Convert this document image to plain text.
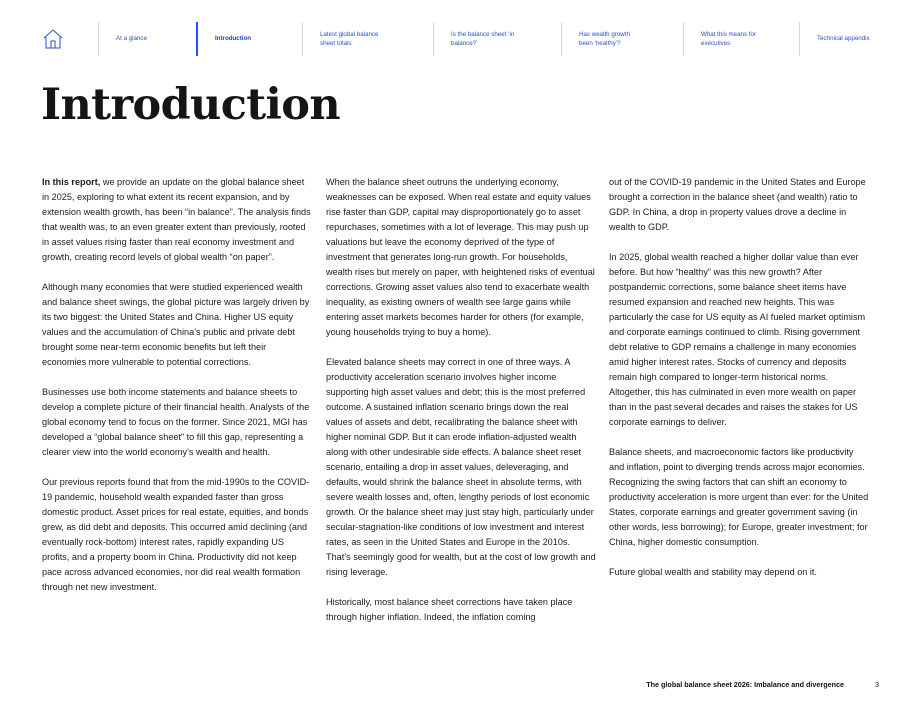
At a glance	Introduction
Latest global balance sheet totals
Is the balance sheet ‘in balance?’
Has wealth growth been ‘healthy’?
What this means for executives
Technical appendix
Introduction

In this report, we provide an update on the global balance sheet in 2025, exploring to what extent its recent expansion, and by extension wealth growth, has been “in balance”. The analysis finds that wealth was, to an even greater extent than previously, rooted in asset values rising faster than real economy investment and growth, creating record levels of global wealth “on paper”.

Although many economies that were studied experienced wealth and balance sheet swings, the global picture was largely driven by its two biggest: the United States and China. Higher US equity values and the accumulation of China’s public and private debt brought some near-term economic benefits but left their economies more vulnerable to potential corrections.

Businesses use both income statements and balance sheets to develop a complete picture of their financial health. Analysts of the global economy tend to focus on the former. Since 2021, MGI has developed a “global balance sheet” to fill this gap, representing a clearer view into the world economy’s wealth and health.

Our previous reports found that from the mid-1990s to the COVID-19 pandemic, household wealth expanded faster than gross domestic product. Asset prices for real estate, equities, and bonds grew, as did debt and deposits. This occurred amid declining (and eventually rock-bottom) interest rates, rapidly expanding US profits, and a property boom in China. Productivity did not keep pace across advanced economies, nor did real wealth formation through net new investment.

When the balance sheet outruns the underlying economy, weaknesses can be exposed. When real estate and equity values rise faster than GDP, capital may disproportionately go to asset repurchases, sometimes with a lot of leverage. This may push up valuations but leave the economy deprived of the type of investment that generates long-run growth. For households, wealth rises but merely on paper, with heightened risks of eventual corrections. Growing asset values also tend to exacerbate wealth inequality, as existing owners of wealth see large gains while entering asset markets becomes harder for others (for example, young households trying to buy a home).

Elevated balance sheets may correct in one of three ways. A productivity acceleration scenario involves higher income supporting high asset values and debt; this is the most preferred outcome. A sustained inflation scenario brings down the real values of assets and debt, recalibrating the balance sheet with higher nominal GDP. But it can erode inflation-adjusted wealth along with other undesirable side effects. A balance sheet reset scenario, entailing a drop in asset values, deleveraging, and defaults, would shrink the balance sheet in absolute terms, with severe wealth losses and, often, lengthy periods of lost economic growth. Or the balance sheet may just stay high, particularly under secular-stagnation-like conditions of low investment and interest rates, as seen in the United States and Europe in the 2010s. That’s seemingly good for wealth, but at the cost of low growth and rising leverage.

Historically, most balance sheet corrections have taken place through higher inflation. Indeed, the inflation coming

out of the COVID-19 pandemic in the United States and Europe brought a correction in the balance sheet (and wealth) ratio to GDP. In China, a drop in property values drove a decline in wealth to GDP.

In 2025, global wealth reached a higher dollar value than ever before. But how “healthy” was this new growth? After postpandemic corrections, some balance sheet items have resumed expansion and reached new heights. This was particularly the case for US equity as AI fueled market optimism and corporate earnings continued to climb. Rising government debt relative to GDP remains a challenge in many economies amid higher interest rates. Stocks of currency and deposits remain high compared to longer-term historical norms. Altogether, this has culminated in even more wealth on paper than in the past several decades and raises the stakes for US corporate earnings to deliver.

Balance sheets, and macroeconomic factors like productivity and inflation, point to diverging trends across major economies. Recognizing the swing factors that can shift an economy to productivity acceleration is more urgent than ever: for the United States, corporate earnings and greater government saving (in other words, less borrowing); for Europe, greater investment; for China, higher domestic consumption.

Future global wealth and stability may depend on it.

The global balance sheet 2026: Imbalance and divergence	3
